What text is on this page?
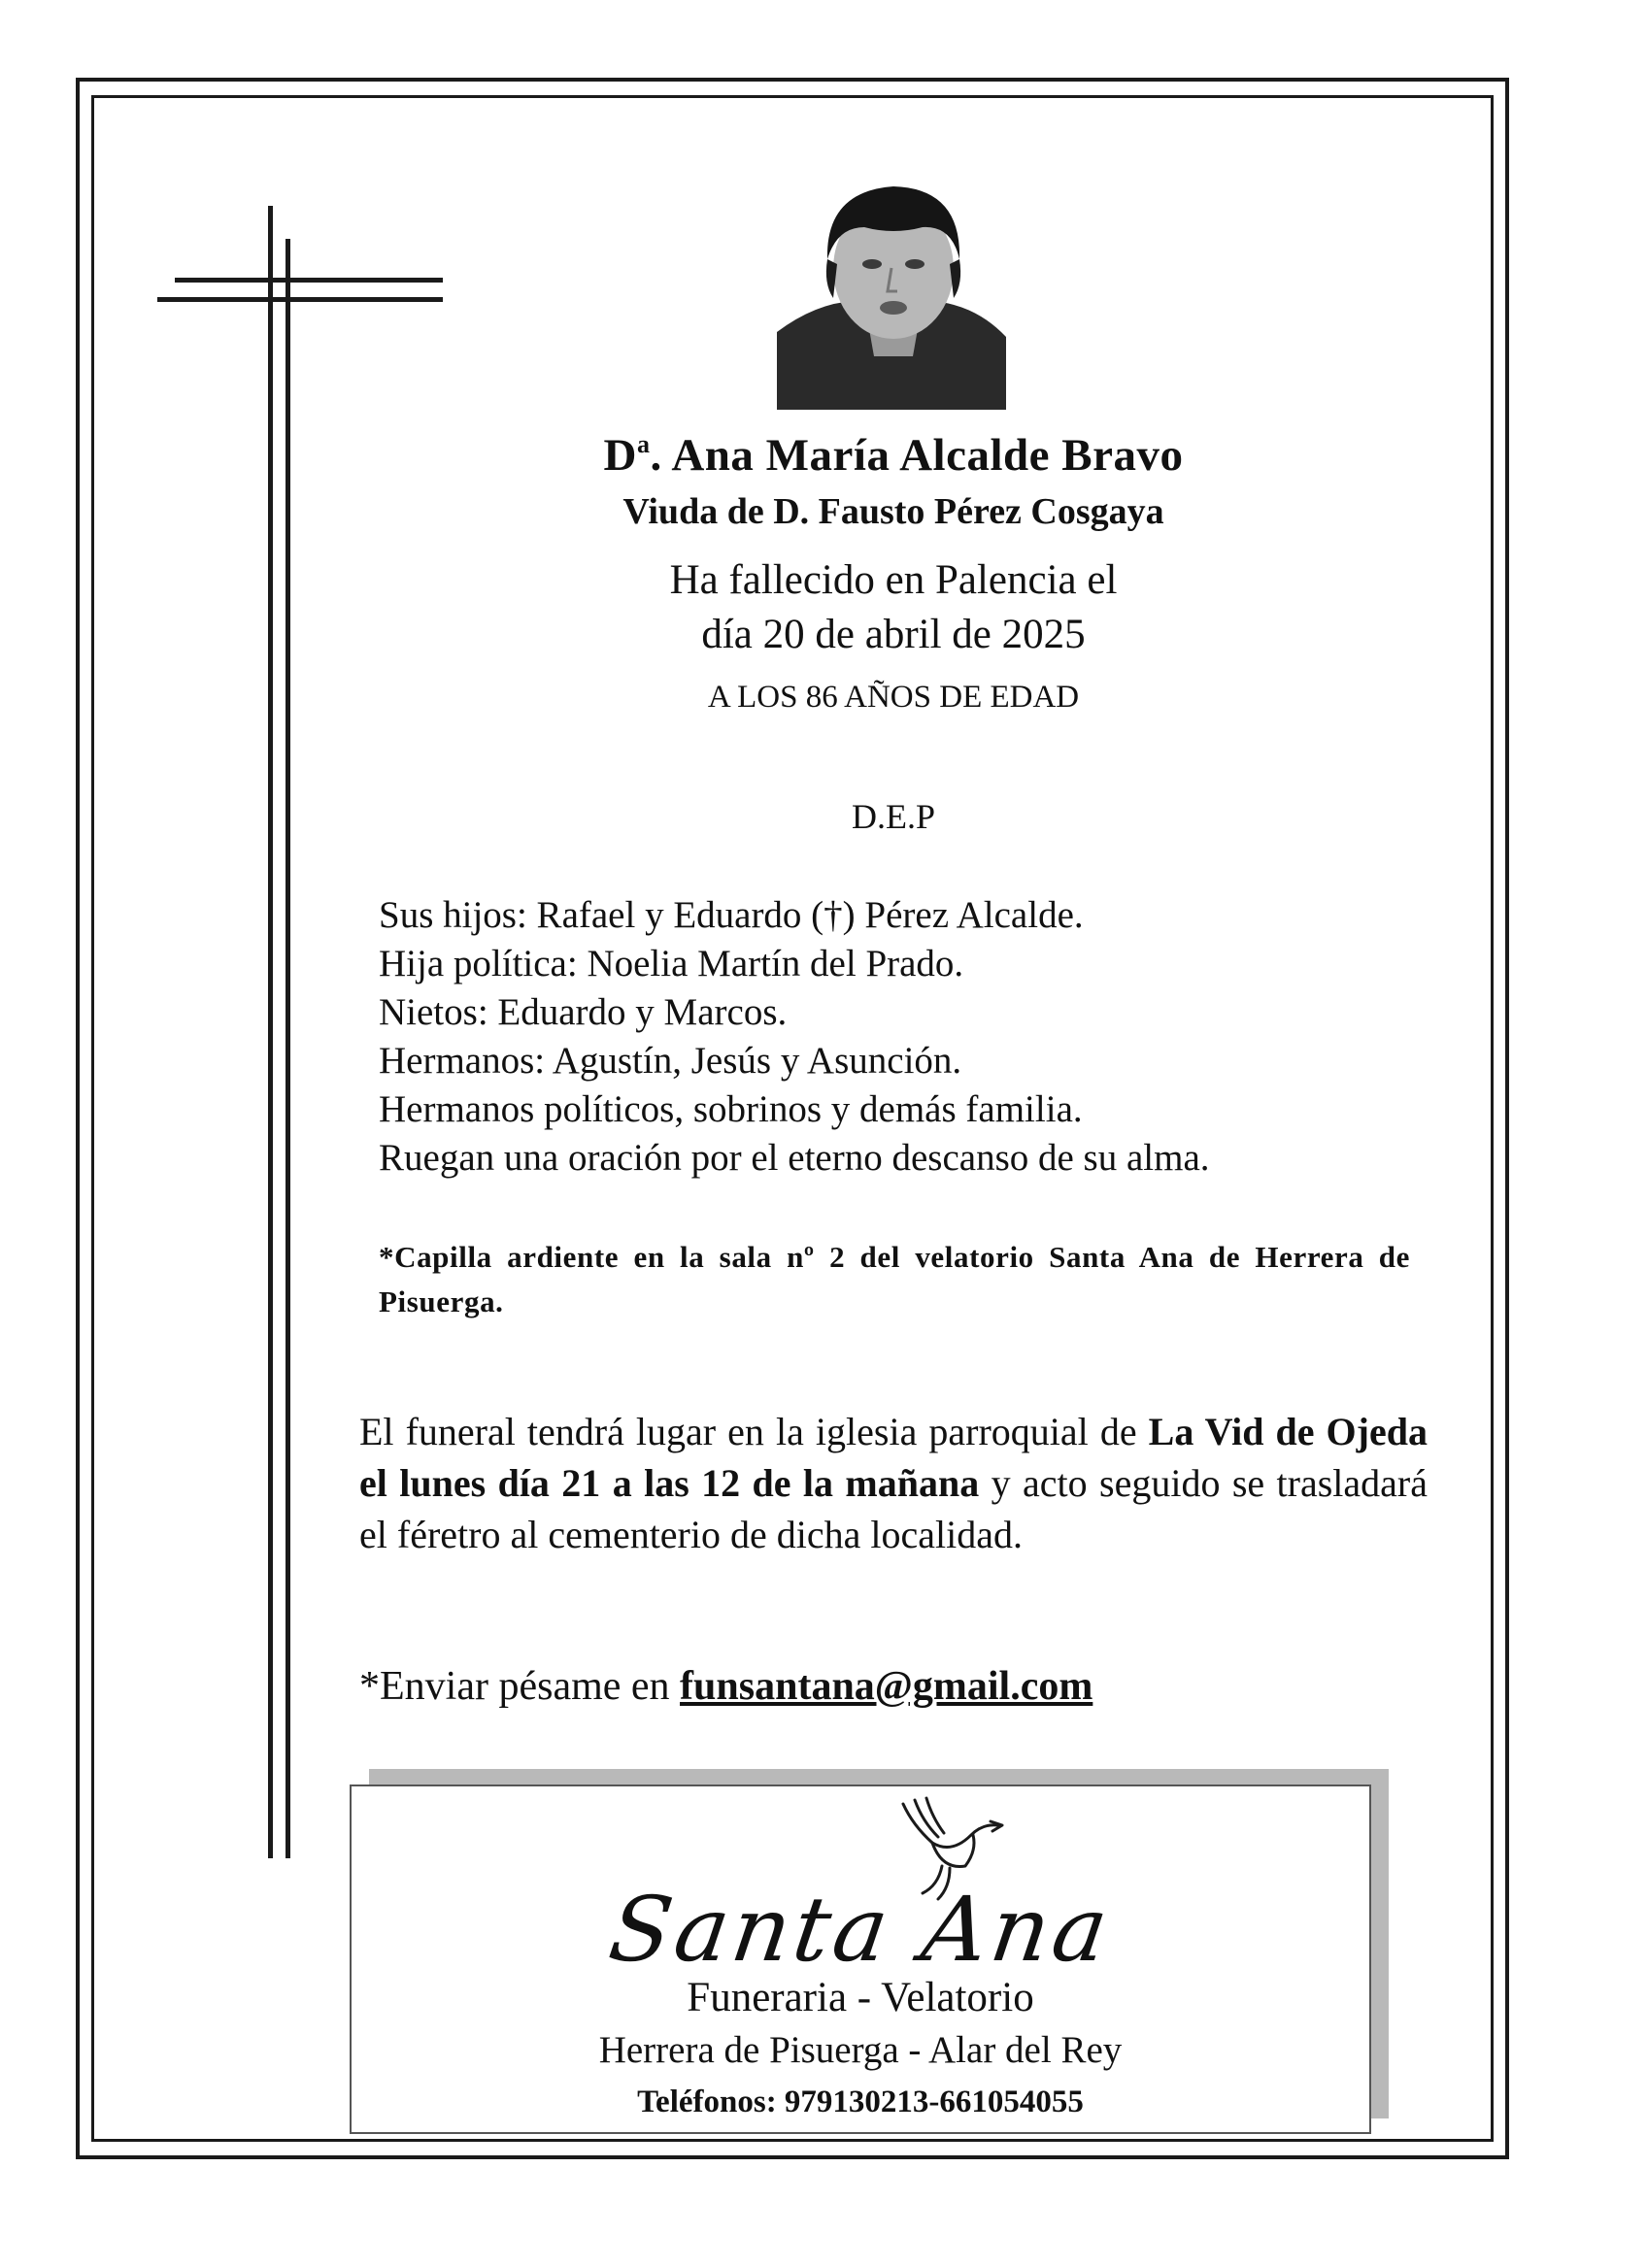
$D^a$. Ana María Alcalde Bravo
Viuda de D. Fausto Pérez Cosgaya
Ha fallecido en Palencia el
día 20 de abril de 2025
A LOS 86 AÑOS DE EDAD
D.E.P
Sus hijos: Rafael y Eduardo (†) Pérez Alcalde.
Hija política: Noelia Martín del Prado.
Nietos: Eduardo y Marcos.
Hermanos: Agustín, Jesús y Asunción.
Hermanos políticos, sobrinos y demás familia.
Ruegan una oración por el eterno descanso de su alma.
*Capilla ardiente en la sala nº 2 del velatorio Santa Ana de Herrera de Pisuerga.
El funeral tendrá lugar en la iglesia parroquial de La Vid de Ojeda el lunes día 21 a las 12 de la mañana y acto seguido se trasladará el féretro al cementerio de dicha localidad.
*Enviar pésame en funsantana@gmail.com
Santa Ana
Funeraria - Velatorio
Herrera de Pisuerga - Alar del Rey
Teléfonos: 979130213-661054055
